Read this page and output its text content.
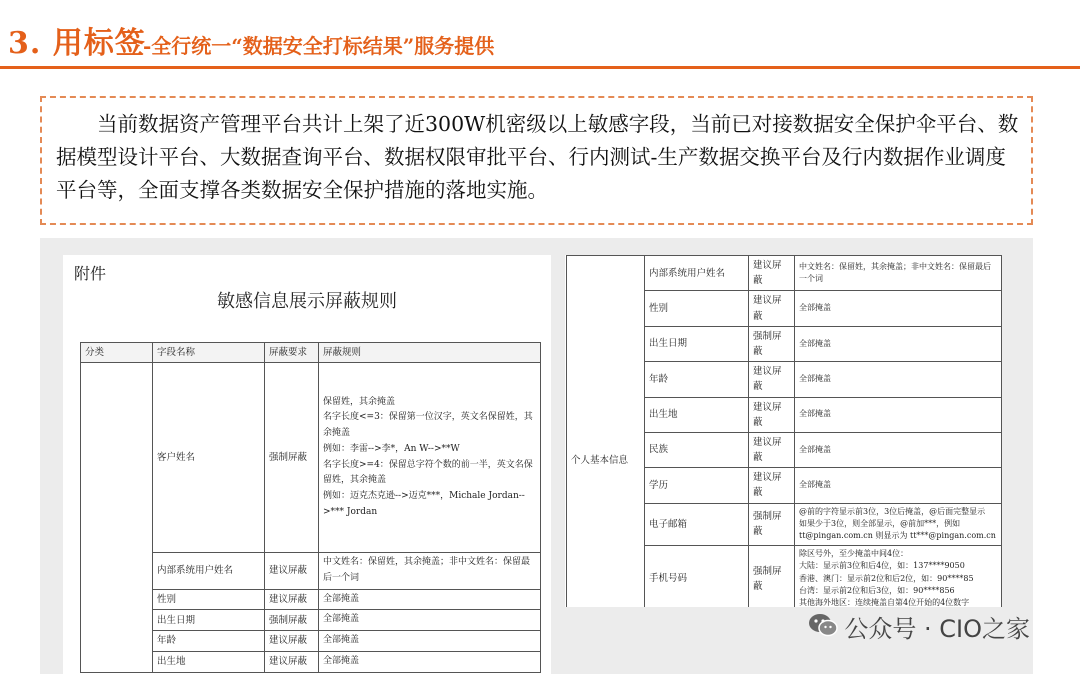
3. 用标签
-全行统一“数据安全打标结果”服务提供

当前数据资产管理平台共计上架了近300W机密级以上敏感字段，当前已对接数据安全保护伞平台、数据模型设计平台、大数据查询平台、数据权限审批平台、行内测试-生产数据交换平台及行内数据作业调度平台等，全面支撑各类数据安全保护措施的落地实施。

附件
敏感信息展示屏蔽规则
分类	字段名称	屏蔽要求	屏蔽规则
	客户姓名	强制屏蔽	保留姓，其余掩盖
名字长度<=3：保留第一位汉字，英文名保留姓，其余掩盖
例如：李雷-->李*，An W-->**W
名字长度>=4：保留总字符个数的前一半，英文名保留姓，其余掩盖
例如：迈克杰克逊-->迈克***，Michale Jordan-->*** Jordan
	内部系统用户姓名	建议屏蔽	中文姓名：保留姓，其余掩盖；非中文姓名：保留最后一个词
	性别	建议屏蔽	全部掩盖
	出生日期	强制屏蔽	全部掩盖
	年龄	建议屏蔽	全部掩盖
	出生地	建议屏蔽	全部掩盖
个人基本信息	内部系统用户姓名	建议屏蔽	中文姓名：保留姓，其余掩盖；非中文姓名：保留最后一个词
	性别	建议屏蔽	全部掩盖
	出生日期	强制屏蔽	全部掩盖
	年龄	建议屏蔽	全部掩盖
	出生地	建议屏蔽	全部掩盖
	民族	建议屏蔽	全部掩盖
	学历	建议屏蔽	全部掩盖
	电子邮箱	强制屏蔽	@前的字符显示前3位，3位后掩盖，@后面完整显示
如果少于3位，则全部显示，@前加***，例如tt@pingan.com.cn 则显示为 tt***@pingan.com.cn
	手机号码	强制屏蔽	除区号外，至少掩盖中间4位：
大陆：显示前3位和后4位，如：137****9050
香港、澳门：显示前2位和后2位，如：90****85
台湾：显示前2位和后3位，如：90****856
其他海外地区：连续掩盖自第4位开始的4位数字

公众号 · CIO之家
